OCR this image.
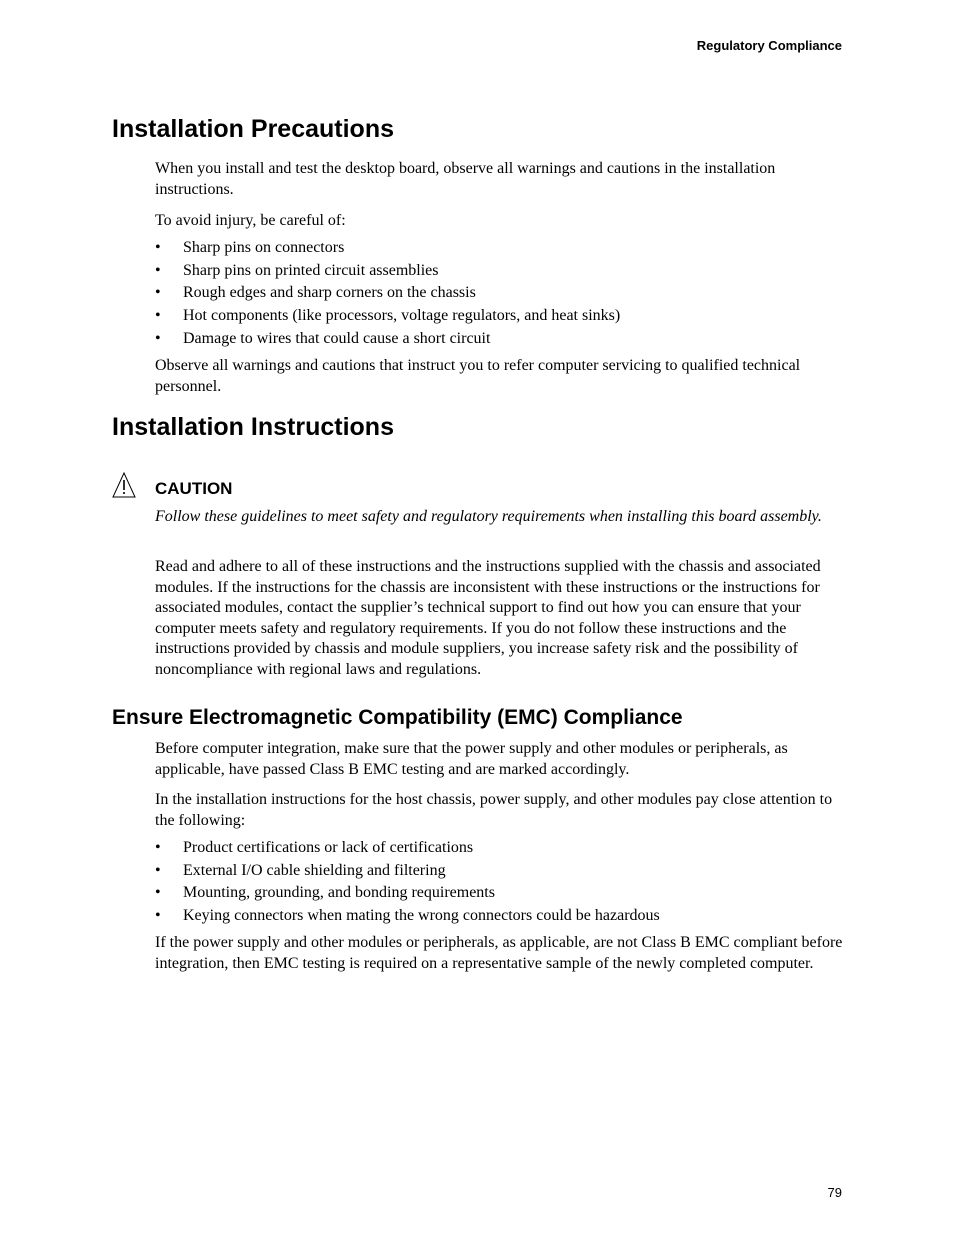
Regulatory Compliance
Installation Precautions

When you install and test the desktop board, observe all warnings and cautions in the installation instructions.

To avoid injury, be careful of:

• Sharp pins on connectors
• Sharp pins on printed circuit assemblies
• Rough edges and sharp corners on the chassis
• Hot components (like processors, voltage regulators, and heat sinks)
• Damage to wires that could cause a short circuit

Observe all warnings and cautions that instruct you to refer computer servicing to qualified technical personnel.

Installation Instructions
CAUTION

Follow these guidelines to meet safety and regulatory requirements when installing this board assembly.

Read and adhere to all of these instructions and the instructions supplied with the chassis and associated modules. If the instructions for the chassis are inconsistent with these instructions or the instructions for associated modules, contact the supplier’s technical support to find out how you can ensure that your computer meets safety and regulatory requirements. If you do not follow these instructions and the instructions provided by chassis and module suppliers, you increase safety risk and the possibility of noncompliance with regional laws and regulations.

Ensure Electromagnetic Compatibility (EMC) Compliance

Before computer integration, make sure that the power supply and other modules or peripherals, as applicable, have passed Class B EMC testing and are marked accordingly.

In the installation instructions for the host chassis, power supply, and other modules pay close attention to the following:

• Product certifications or lack of certifications
• External I/O cable shielding and filtering
• Mounting, grounding, and bonding requirements
• Keying connectors when mating the wrong connectors could be hazardous

If the power supply and other modules or peripherals, as applicable, are not Class B EMC compliant before integration, then EMC testing is required on a representative sample of the newly completed computer.

79
